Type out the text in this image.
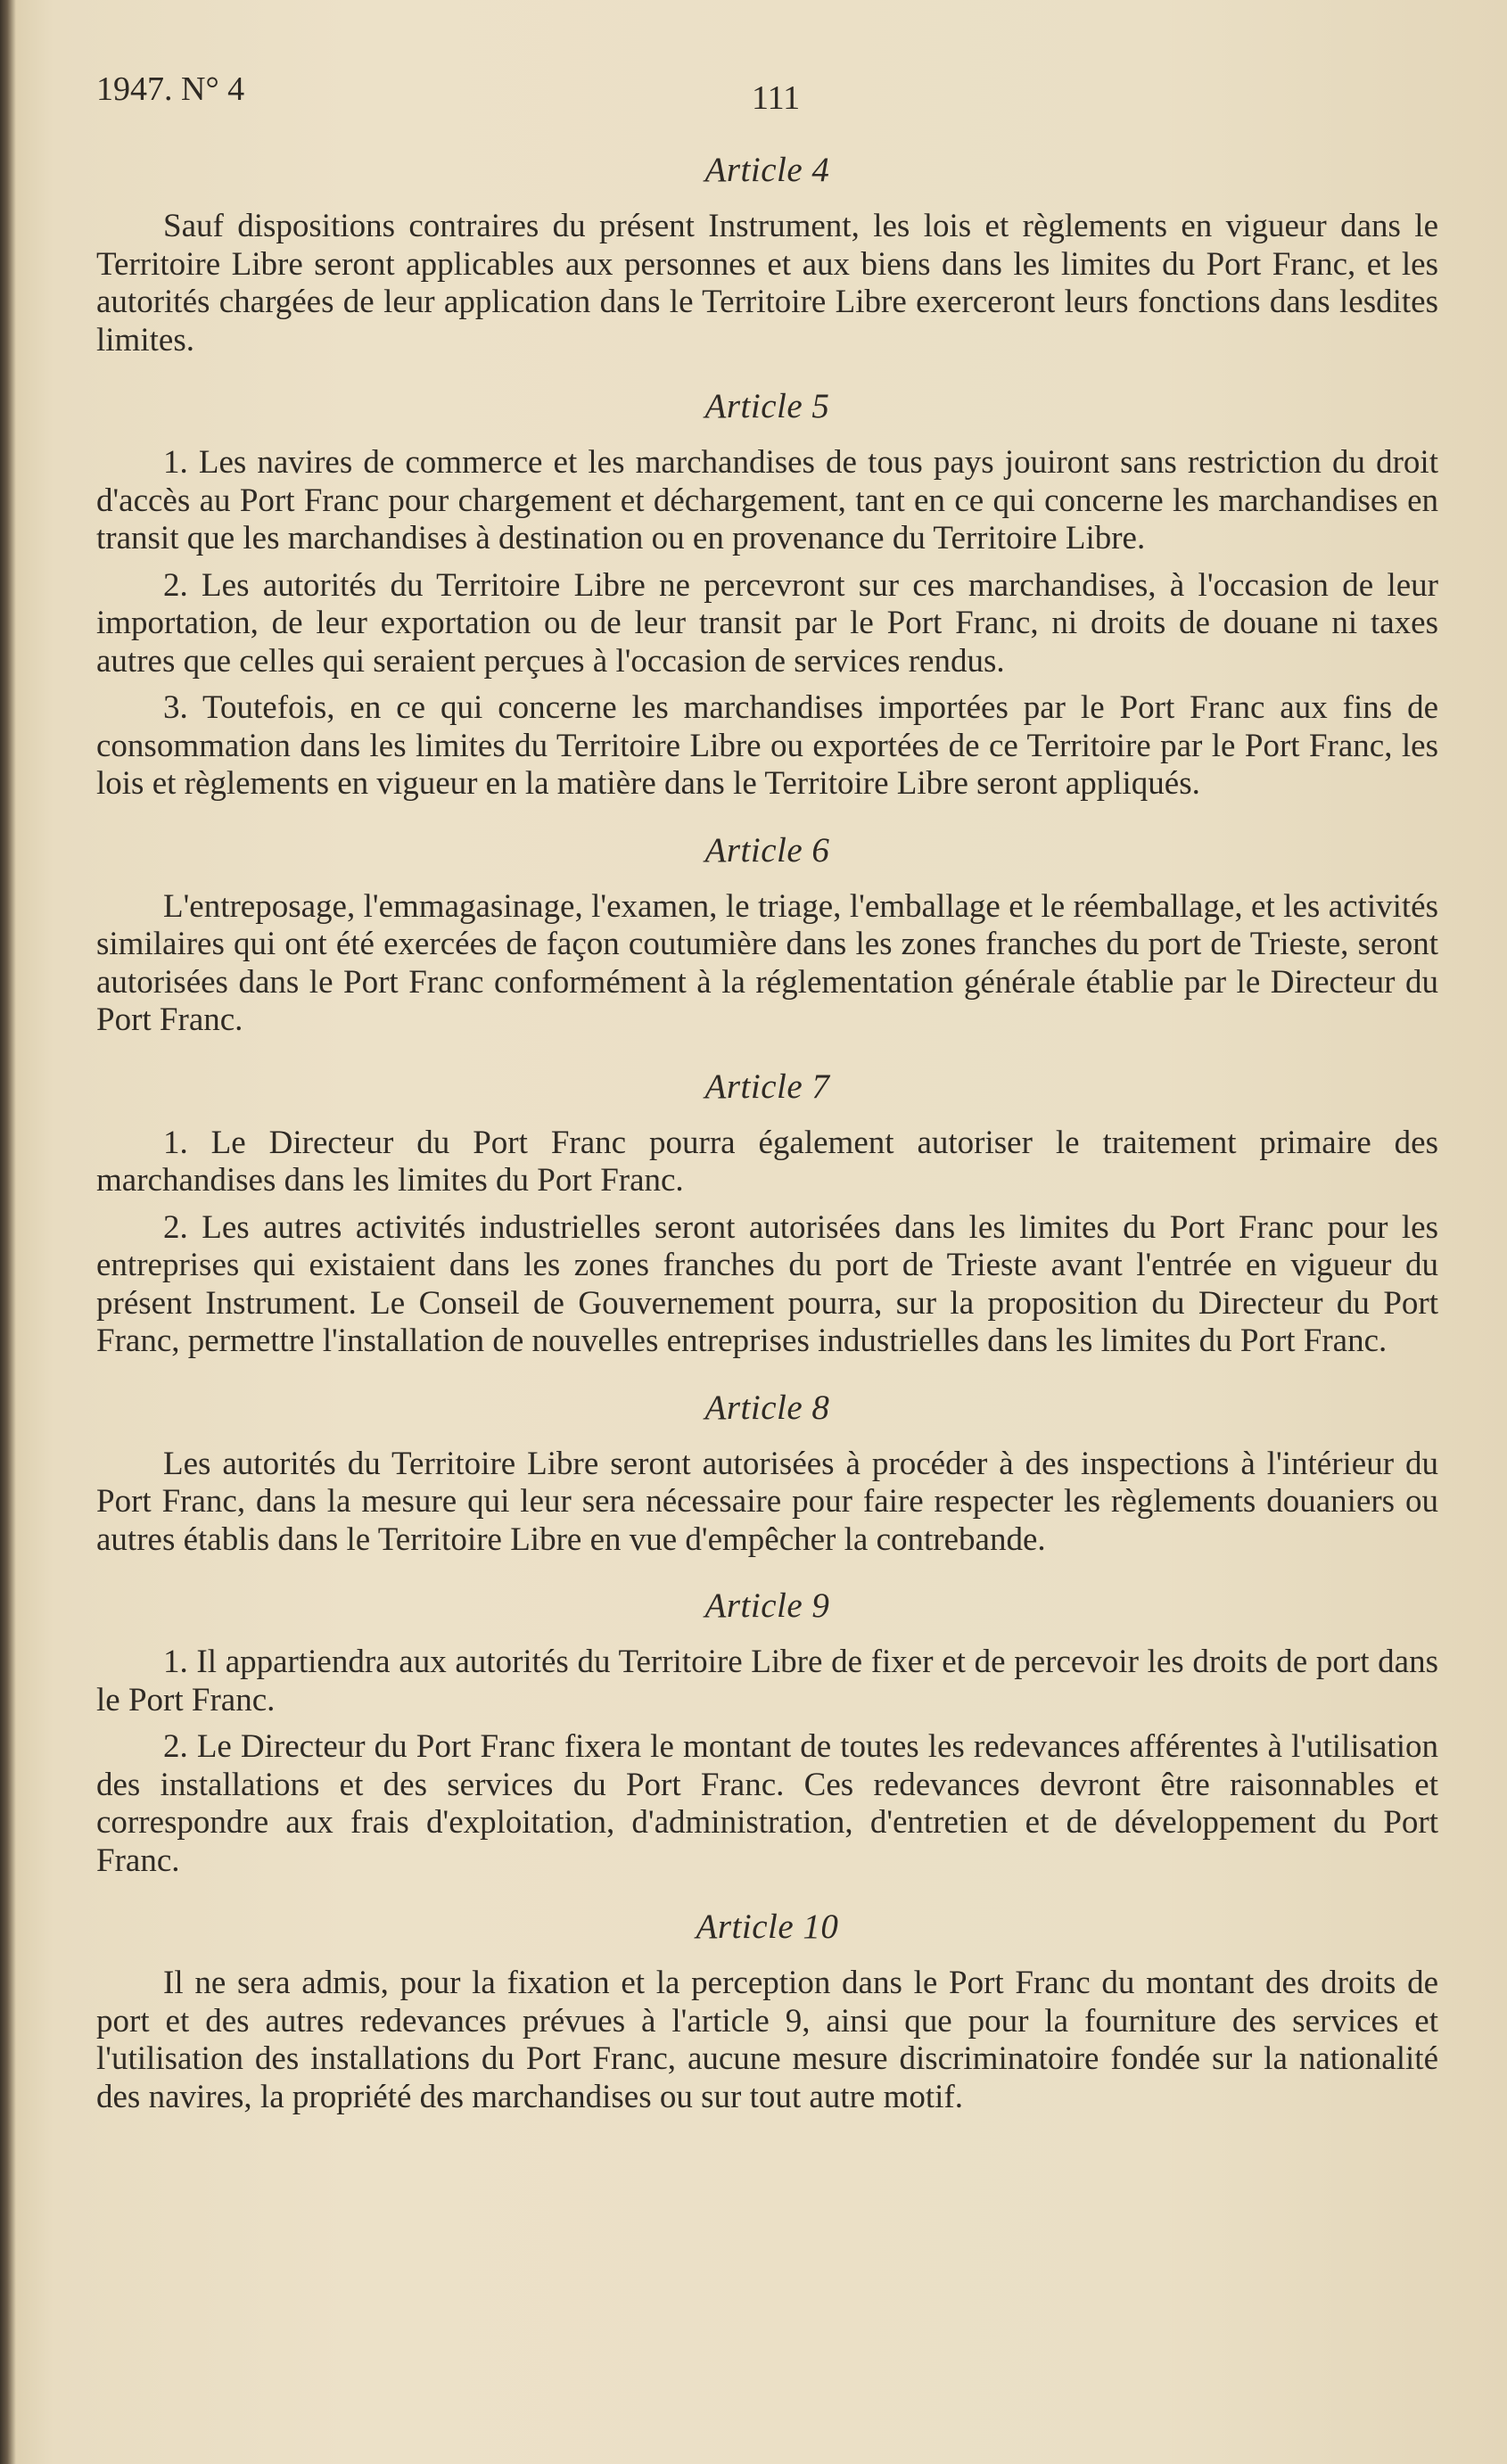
1947. N° 4	111
Article 4

Sauf dispositions contraires du présent Instrument, les lois et règlements en vigueur dans le Territoire Libre seront applicables aux personnes et aux biens dans les limites du Port Franc, et les autorités chargées de leur application dans le Territoire Libre exerceront leurs fonctions dans lesdites limites.

Article 5

1. Les navires de commerce et les marchandises de tous pays jouiront sans restriction du droit d'accès au Port Franc pour chargement et déchargement, tant en ce qui concerne les marchandises en transit que les marchandises à destination ou en provenance du Territoire Libre.

2. Les autorités du Territoire Libre ne percevront sur ces marchandises, à l'occasion de leur importation, de leur exportation ou de leur transit par le Port Franc, ni droits de douane ni taxes autres que celles qui seraient perçues à l'occasion de services rendus.

3. Toutefois, en ce qui concerne les marchandises importées par le Port Franc aux fins de consommation dans les limites du Territoire Libre ou exportées de ce Territoire par le Port Franc, les lois et règlements en vigueur en la matière dans le Territoire Libre seront appliqués.

Article 6

L'entreposage, l'emmagasinage, l'examen, le triage, l'emballage et le réemballage, et les activités similaires qui ont été exercées de façon coutumière dans les zones franches du port de Trieste, seront autorisées dans le Port Franc conformément à la réglementation générale établie par le Directeur du Port Franc.

Article 7

1. Le Directeur du Port Franc pourra également autoriser le traitement primaire des marchandises dans les limites du Port Franc.

2. Les autres activités industrielles seront autorisées dans les limites du Port Franc pour les entreprises qui existaient dans les zones franches du port de Trieste avant l'entrée en vigueur du présent Instrument. Le Conseil de Gouvernement pourra, sur la proposition du Directeur du Port Franc, permettre l'installation de nouvelles entreprises industrielles dans les limites du Port Franc.

Article 8

Les autorités du Territoire Libre seront autorisées à procéder à des inspections à l'intérieur du Port Franc, dans la mesure qui leur sera nécessaire pour faire respecter les règlements douaniers ou autres établis dans le Territoire Libre en vue d'empêcher la contrebande.

Article 9

1. Il appartiendra aux autorités du Territoire Libre de fixer et de percevoir les droits de port dans le Port Franc.

2. Le Directeur du Port Franc fixera le montant de toutes les redevances afférentes à l'utilisation des installations et des services du Port Franc. Ces redevances devront être raisonnables et correspondre aux frais d'exploitation, d'administration, d'entretien et de développement du Port Franc.

Article 10

Il ne sera admis, pour la fixation et la perception dans le Port Franc du montant des droits de port et des autres redevances prévues à l'article 9, ainsi que pour la fourniture des services et l'utilisation des installations du Port Franc, aucune mesure discriminatoire fondée sur la nationalité des navires, la propriété des marchandises ou sur tout autre motif.
